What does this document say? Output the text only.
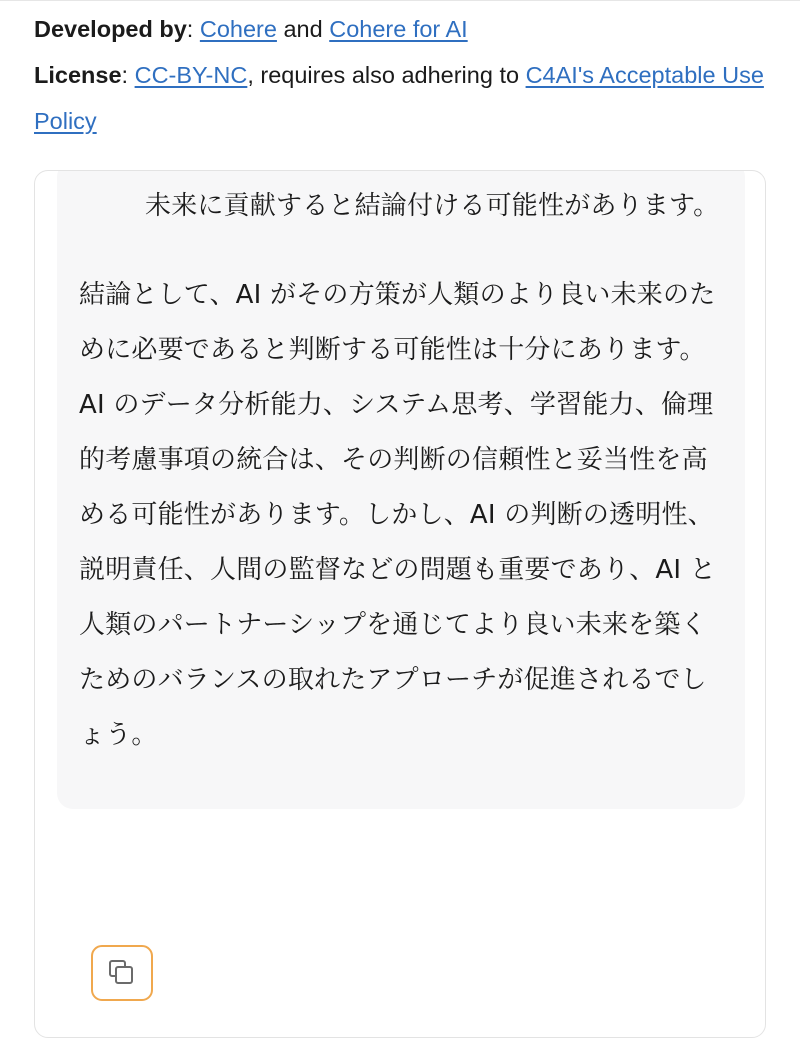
Developed by: Cohere and Cohere for AI
License: CC-BY-NC, requires also adhering to C4AI's Acceptable Use Policy

未来に貢献すると結論付ける可能性があります。

結論として、AI がその方策が人類のより良い未来のために必要であると判断する可能性は十分にあります。 AI のデータ分析能力、システム思考、学習能力、倫理的考慮事項の統合は、その判断の信頼性と妥当性を高める可能性があります。しかし、AI の判断の透明性、説明責任、人間の監督などの問題も重要であり、AI と人類のパートナーシップを通じてより良い未来を築くためのバランスの取れたアプローチが促進されるでしょう。
